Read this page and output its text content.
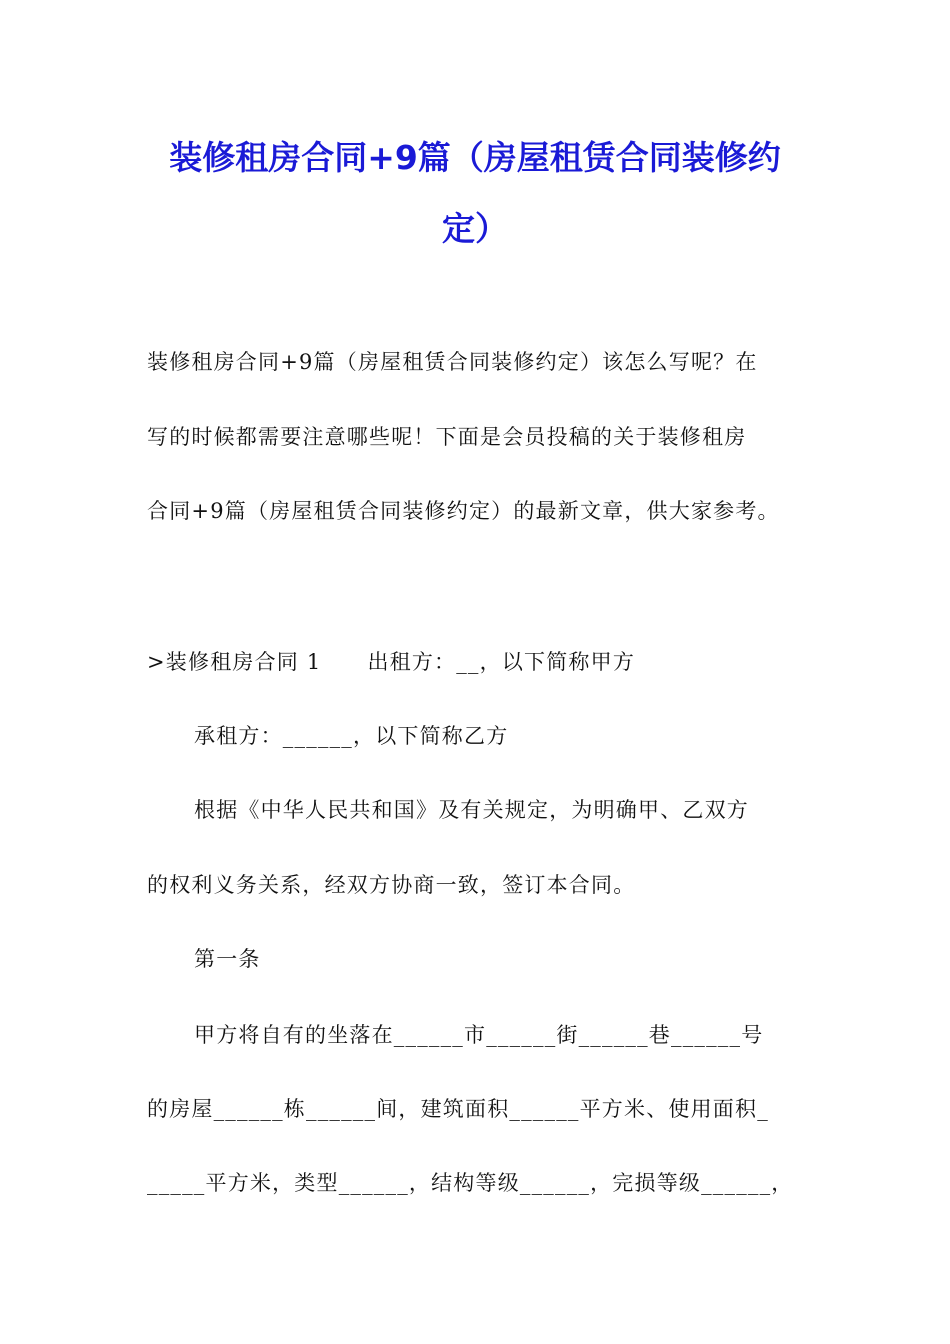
装修租房合同+9篇（房屋租赁合同装修约
定）

装修租房合同+9篇（房屋租赁合同装修约定）该怎么写呢？在

写的时候都需要注意哪些呢！下面是会员投稿的关于装修租房

合同+9篇（房屋租赁合同装修约定）的最新文章，供大家参考。

>装修租房合同 1 出租方：__，以下简称甲方

承租方：______，以下简称乙方

根据《中华人民共和国》及有关规定，为明确甲、乙双方

的权利义务关系，经双方协商一致，签订本合同。

第一条

甲方将自有的坐落在______市______街______巷______号

的房屋______栋______间，建筑面积______平方米、使用面积_

_____平方米，类型______，结构等级______，完损等级______，
